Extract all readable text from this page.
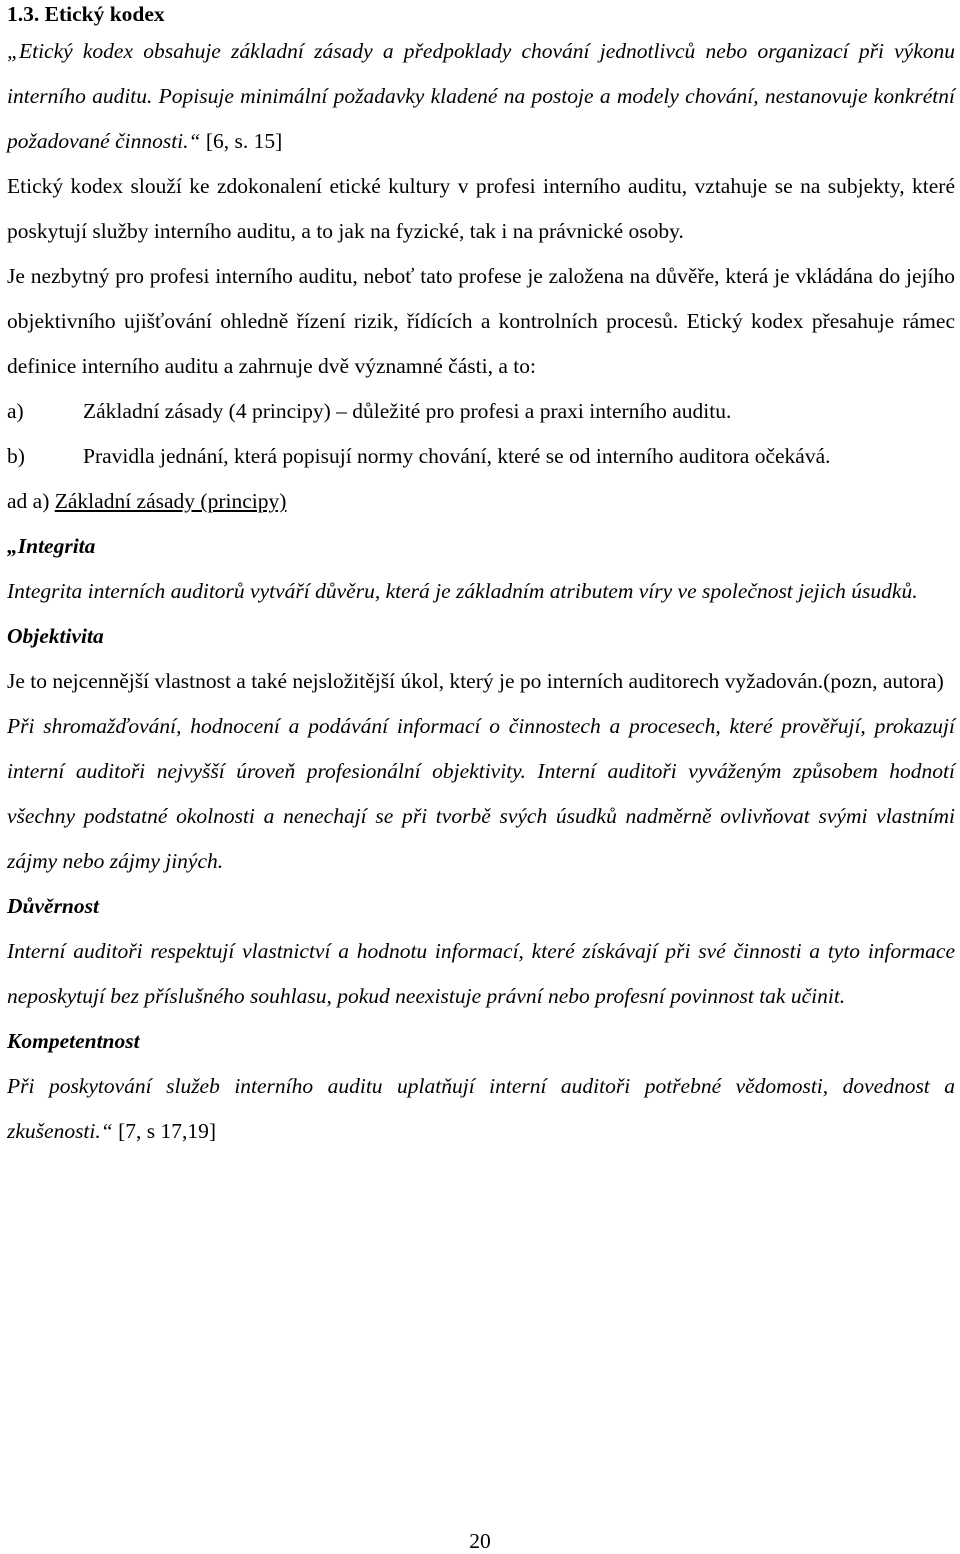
1.3. Etický kodex

„Etický kodex obsahuje základní zásady a předpoklady chování jednotlivců nebo organizací při výkonu interního auditu. Popisuje minimální požadavky kladené na postoje a modely chování, nestanovuje konkrétní požadované činnosti.“ [6, s. 15]

Etický kodex slouží ke zdokonalení etické kultury v profesi interního auditu, vztahuje se na subjekty, které poskytují služby interního auditu, a to jak na fyzické, tak i na právnické osoby.

Je nezbytný pro profesi interního auditu, neboť tato profese je založena na důvěře, která je vkládána do jejího objektivního ujišťování ohledně řízení rizik, řídících a kontrolních procesů. Etický kodex přesahuje rámec definice interního auditu a zahrnuje dvě významné části, a to:

a)	Základní zásady (4 principy) – důležité pro profesi a praxi interního auditu.
b)	Pravidla jednání, která popisují normy chování, které se od interního auditora očekává.

ad a) Základní zásady (principy)

„Integrita

Integrita interních auditorů vytváří důvěru, která je základním atributem víry ve společnost jejich úsudků.

Objektivita

Je to nejcennější vlastnost a také nejsložitější úkol, který je po interních auditorech vyžadován.(pozn, autora)

Při shromažďování, hodnocení a podávání informací o činnostech a procesech, které prověřují, prokazují interní auditoři nejvyšší úroveň profesionální objektivity. Interní auditoři vyváženým způsobem hodnotí všechny podstatné okolnosti a nenechají se při tvorbě svých úsudků nadměrně ovlivňovat svými vlastními zájmy nebo zájmy jiných.

Důvěrnost

Interní auditoři respektují vlastnictví a hodnotu informací, které získávají při své činnosti a tyto informace neposkytují bez příslušného souhlasu, pokud neexistuje právní nebo profesní povinnost tak učinit.

Kompetentnost

Při poskytování služeb interního auditu uplatňují interní auditoři potřebné vědomosti, dovednost a zkušenosti.“ [7, s 17,19]

20
